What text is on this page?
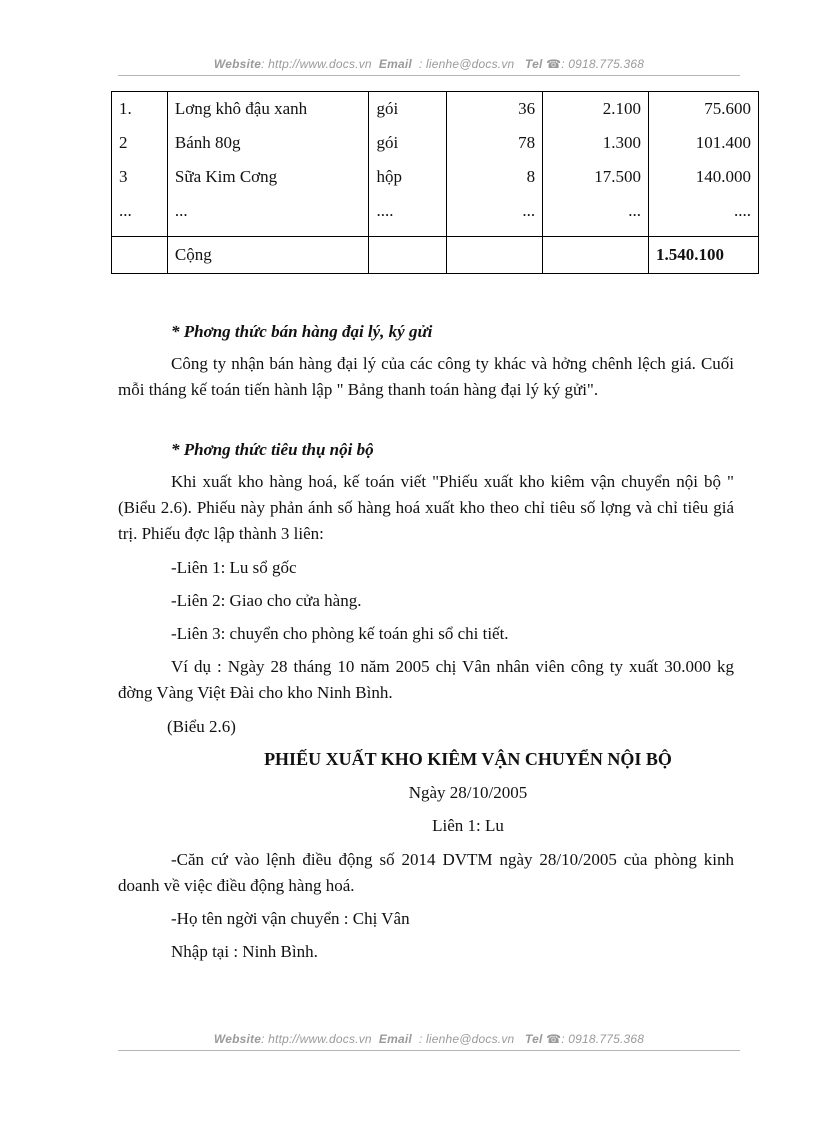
Website: http://www.docs.vn Email : lienhe@docs.vn Tel ☎: 0918.775.368
1.	Lơng khô đậu xanh	gói	36	2.100	75.600
2	Bánh 80g	gói	78	1.300	101.400
3	Sữa Kim Cơng	hộp	8	17.500	140.000
...	...	....	...	...	....

	Cộng				1.540.100
* Phơng thức bán hàng đại lý, ký gửi
Công ty nhận bán hàng đại lý của các công ty khác và hởng chênh lệch giá. Cuối mỗi tháng kế toán tiến hành lập " Bảng thanh toán hàng đại lý ký gửi".
* Phơng thức tiêu thụ nội bộ
Khi xuất kho hàng hoá, kế toán viết "Phiếu xuất kho kiêm vận chuyển nội bộ "(Biểu 2.6). Phiếu này phản ánh số hàng hoá xuất kho theo chỉ tiêu số lợng và chỉ tiêu giá trị. Phiếu đợc lập thành 3 liên:
-Liên 1: Lu sổ gốc
-Liên 2: Giao cho cửa hàng.
-Liên 3: chuyển cho phòng kế toán ghi sổ chi tiết.
Ví dụ : Ngày 28 tháng 10 năm 2005 chị Vân nhân viên công ty xuất 30.000 kg đờng Vàng Việt Đài cho kho Ninh Bình.
(Biểu 2.6)
PHIẾU XUẤT KHO KIÊM VẬN CHUYỂN NỘI BỘ
Ngày 28/10/2005
Liên 1: Lu
-Căn cứ vào lệnh điều động số 2014 DVTM ngày 28/10/2005 của phòng kinh doanh về việc điều động hàng hoá.
-Họ tên ngời vận chuyển : Chị Vân
Nhập tại : Ninh Bình.
Website: http://www.docs.vn Email : lienhe@docs.vn Tel ☎: 0918.775.368
